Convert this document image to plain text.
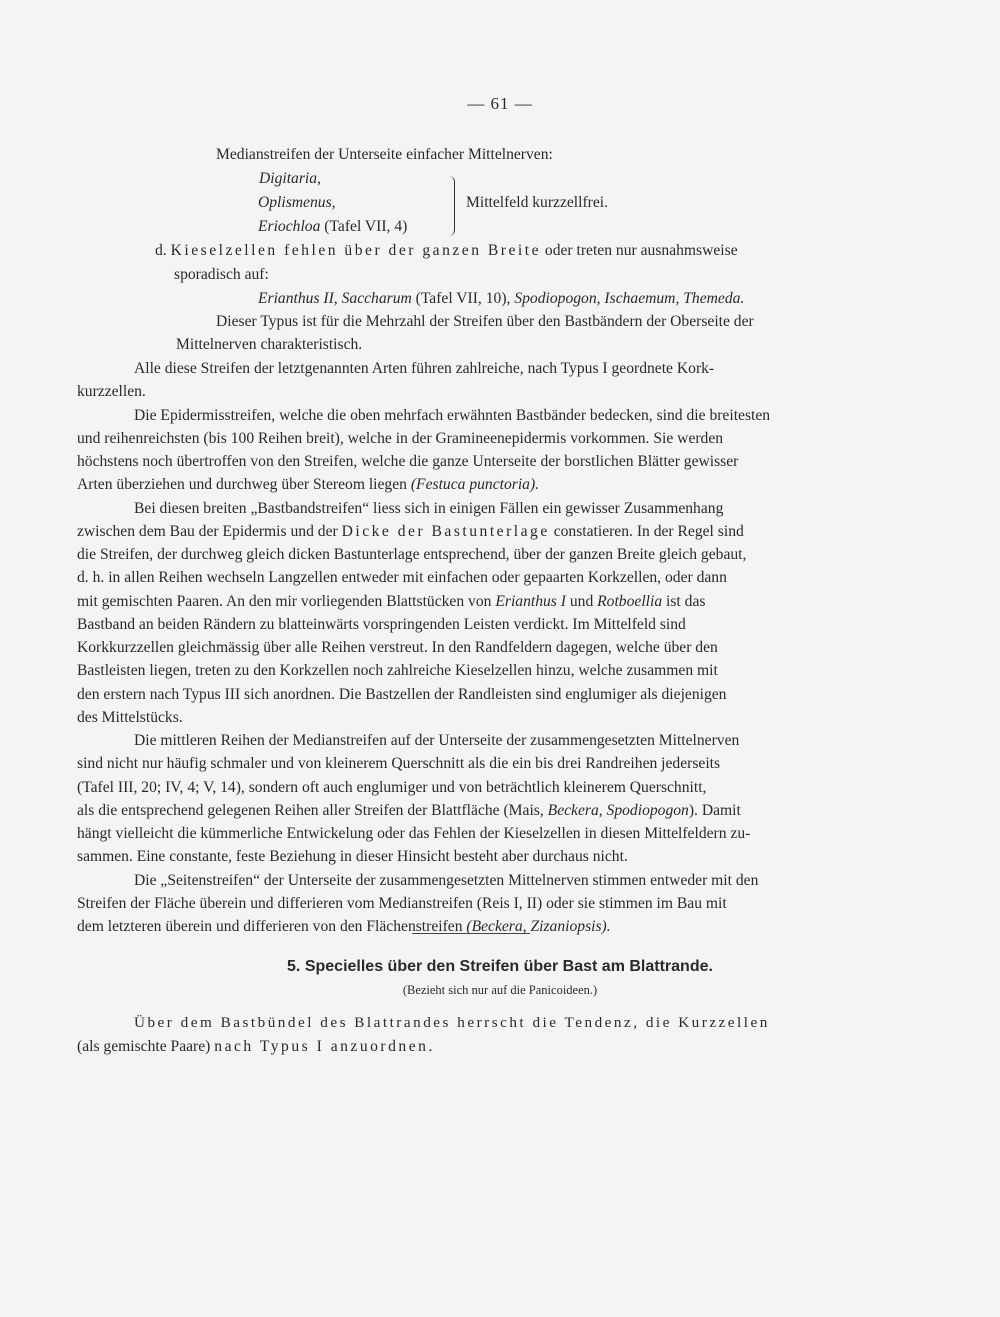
— 61 —
Medianstreifen der Unterseite einfacher Mittelnerven:
Digitaria,
Oplismenus,
Eriochloa (Tafel VII, 4)
Mittelfeld kurzzellfrei.
d. Kieselzellen fehlen über der ganzen Breite oder treten nur ausnahmsweise
sporadisch auf:
Erianthus II, Saccharum (Tafel VII, 10), Spodiopogon, Ischaemum, Themeda.
Dieser Typus ist für die Mehrzahl der Streifen über den Bastbändern der Oberseite der
Mittelnerven charakteristisch.
Alle diese Streifen der letztgenannten Arten führen zahlreiche, nach Typus I geordnete Kork-
kurzzellen.
Die Epidermisstreifen, welche die oben mehrfach erwähnten Bastbänder bedecken, sind die breitesten
und reihenreichsten (bis 100 Reihen breit), welche in der Gramineenepidermis vorkommen. Sie werden
höchstens noch übertroffen von den Streifen, welche die ganze Unterseite der borstlichen Blätter gewisser
Arten überziehen und durchweg über Stereom liegen (Festuca punctoria).
Bei diesen breiten „Bastbandstreifen“ liess sich in einigen Fällen ein gewisser Zusammenhang
zwischen dem Bau der Epidermis und der Dicke der Bastunterlage constatieren. In der Regel sind
die Streifen, der durchweg gleich dicken Bastunterlage entsprechend, über der ganzen Breite gleich gebaut,
d. h. in allen Reihen wechseln Langzellen entweder mit einfachen oder gepaarten Korkzellen, oder dann
mit gemischten Paaren. An den mir vorliegenden Blattstücken von Erianthus I und Rotboellia ist das
Bastband an beiden Rändern zu blatteinwärts vorspringenden Leisten verdickt. Im Mittelfeld sind
Korkkurzzellen gleichmässig über alle Reihen verstreut. In den Randfeldern dagegen, welche über den
Bastleisten liegen, treten zu den Korkzellen noch zahlreiche Kieselzellen hinzu, welche zusammen mit
den erstern nach Typus III sich anordnen. Die Bastzellen der Randleisten sind englumiger als diejenigen
des Mittelstücks.
Die mittleren Reihen der Medianstreifen auf der Unterseite der zusammengesetzten Mittelnerven
sind nicht nur häufig schmaler und von kleinerem Querschnitt als die ein bis drei Randreihen jederseits
(Tafel III, 20; IV, 4; V, 14), sondern oft auch englumiger und von beträchtlich kleinerem Querschnitt,
als die entsprechend gelegenen Reihen aller Streifen der Blattfläche (Mais, Beckera, Spodiopogon). Damit
hängt vielleicht die kümmerliche Entwickelung oder das Fehlen der Kieselzellen in diesen Mittelfeldern zu-
sammen. Eine constante, feste Beziehung in dieser Hinsicht besteht aber durchaus nicht.
Die „Seitenstreifen“ der Unterseite der zusammengesetzten Mittelnerven stimmen entweder mit den
Streifen der Fläche überein und differieren vom Medianstreifen (Reis I, II) oder sie stimmen im Bau mit
dem letzteren überein und differieren von den Flächenstreifen (Beckera, Zizaniopsis).
5. Specielles über den Streifen über Bast am Blattrande.
(Bezieht sich nur auf die Panicoideen.)
Über dem Bastbündel des Blattrandes herrscht die Tendenz, die Kurzzellen
(als gemischte Paare) nach Typus I anzuordnen.
